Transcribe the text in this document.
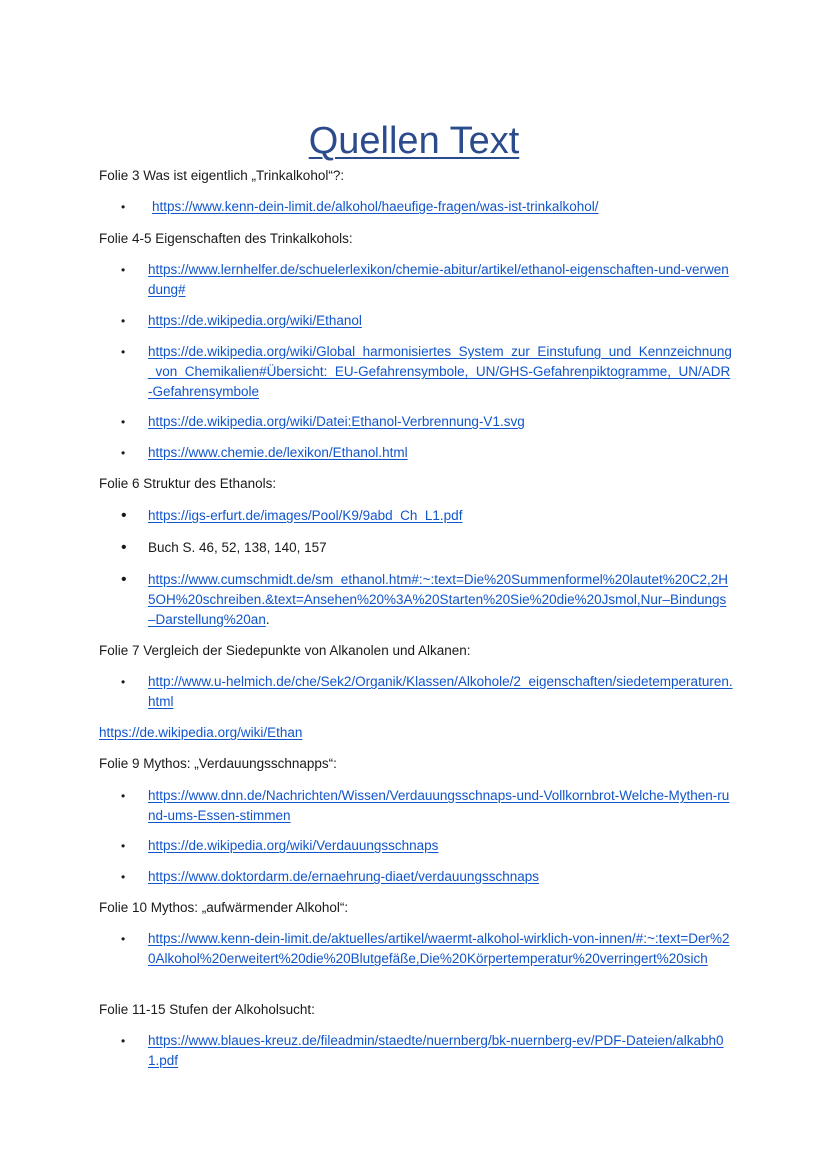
Quellen Text
Folie 3 Was ist eigentlich „Trinkalkohol“?:
•	https://www.kenn-dein-limit.de/alkohol/haeufige-fragen/was-ist-trinkalkohol/
Folie 4-5 Eigenschaften des Trinkalkohols:
•	https://www.lernhelfer.de/schuelerlexikon/chemie-abitur/artikel/ethanol-eigenschaften-und-verwendung#
•	https://de.wikipedia.org/wiki/Ethanol
•	https://de.wikipedia.org/wiki/Global_harmonisiertes_System_zur_Einstufung_und_Kennzeichnung_von_Chemikalien#Übersicht:_EU-Gefahrensymbole,_UN/GHS-Gefahrenpiktogramme,_UN/ADR-Gefahrensymbole
•	https://de.wikipedia.org/wiki/Datei:Ethanol-Verbrennung-V1.svg
•	https://www.chemie.de/lexikon/Ethanol.html
Folie 6 Struktur des Ethanols:
•	https://igs-erfurt.de/images/Pool/K9/9abd_Ch_L1.pdf
•	Buch S. 46, 52, 138, 140, 157
•	https://www.cumschmidt.de/sm_ethanol.htm#:~:text=Die%20Summenformel%20lautet%20C2,2H5OH%20schreiben.&text=Ansehen%20%3A%20Starten%20Sie%20die%20Jsmol,Nur–Bindungs–Darstellung%20an.
Folie 7 Vergleich der Siedepunkte von Alkanolen und Alkanen:
•	http://www.u-helmich.de/che/Sek2/Organik/Klassen/Alkohole/2_eigenschaften/siedetemperaturen.html
https://de.wikipedia.org/wiki/Ethan
Folie 9 Mythos: „Verdauungsschnapps“:
•	https://www.dnn.de/Nachrichten/Wissen/Verdauungsschnaps-und-Vollkornbrot-Welche-Mythen-rund-ums-Essen-stimmen
•	https://de.wikipedia.org/wiki/Verdauungsschnaps
•	https://www.doktordarm.de/ernaehrung-diaet/verdauungsschnaps
Folie 10 Mythos: „aufwärmender Alkohol“:
•	https://www.kenn-dein-limit.de/aktuelles/artikel/waermt-alkohol-wirklich-von-innen/#:~:text=Der%20Alkohol%20erweitert%20die%20Blutgefäße,Die%20Körpertemperatur%20verringert%20sich
Folie 11-15 Stufen der Alkoholsucht:
•	https://www.blaues-kreuz.de/fileadmin/staedte/nuernberg/bk-nuernberg-ev/PDF-Dateien/alkabh01.pdf
